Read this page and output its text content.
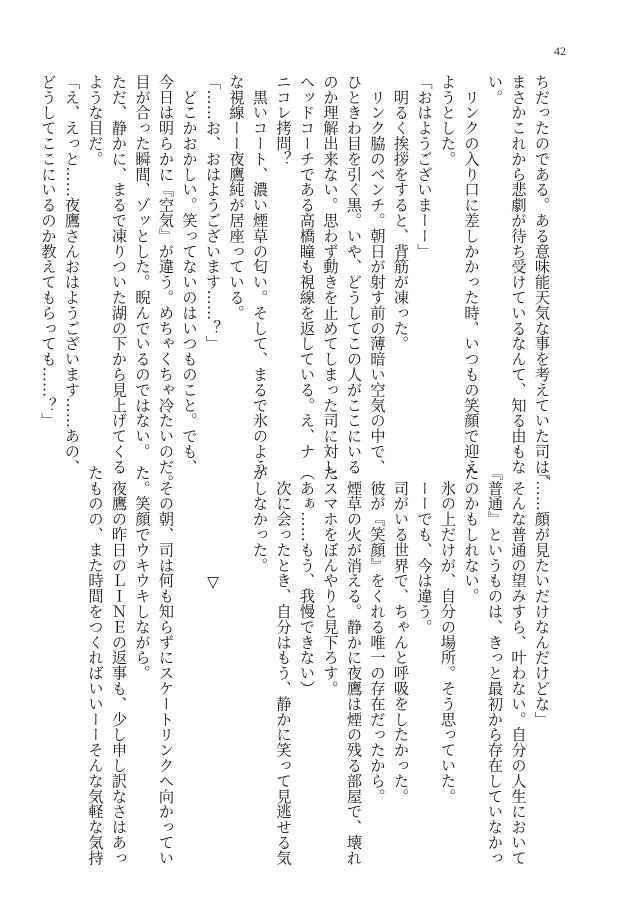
42
ちだったのである。ある意味能天気な事を考えていた司は、
まさかこれから悲劇が待ち受けているなんて、知る由もな
い。
　リンクの入り口に差しかかった時、いつもの笑顔で迎え
ようとした。
「おはようございまーー」
　明るく挨拶をすると、背筋が凍った。
　リンク脇のベンチ。朝日が射す前の薄暗い空気の中で、
ひときわ目を引く黒。いや、どうしてこの人がここにいる
のか理解出来ない。思わず動きを止めてしまった司に対し、
ヘッドコーチである高橋瞳も視線を返している。え、ナ
ニコレ拷問？
　黒いコート、濃い煙草の匂い。そして、まるで氷のよう
な視線ーー夜鷹純が居座っている。
「……お、おはようございます……？」
　どこかおかしい。笑ってないのはいつものこと。でも、
今日は明らかに『空気』が違う。めちゃくちゃ冷たいのだ。
目が合った瞬間、ゾッとした。睨んでいるのではない。
ただ、静かに、まるで凍りついた湖の下から見上げてくる
ような目だ。
「え、えっと……夜鷹さんおはようございます……あの、
どうしてここにいるのか教えてもらっても……？」
「……顔が見たいだけなんだけどな」
　そんな普通の望みすら、叶わない。自分の人生において
『普通』というものは、きっと最初から存在していなかっ
たのかもしれない。
　氷の上だけが、自分の場所。そう思っていた。
　ーーでも、今は違う。
　司がいる世界で、ちゃんと呼吸をしたかった。
　彼が『笑顔』をくれる唯一の存在だったから。
　煙草の火が消える。静かに夜鷹は煙の残る部屋で、壊れ
たスマホをぼんやりと見下ろす。
（あぁ……もう、我慢できない）
　次に会ったとき、自分はもう、静かに笑って見逃せる気
がしなかった。

　　　　　　　▽

　その朝、司は何も知らずにスケートリンクへ向かってい
た。笑顔でウキウキしながら。
　夜鷹の昨日のＬＩＮＥの返事も、少し申し訳なさはあっ
たものの、また時間をつくればいいーーそんな気軽な気持
